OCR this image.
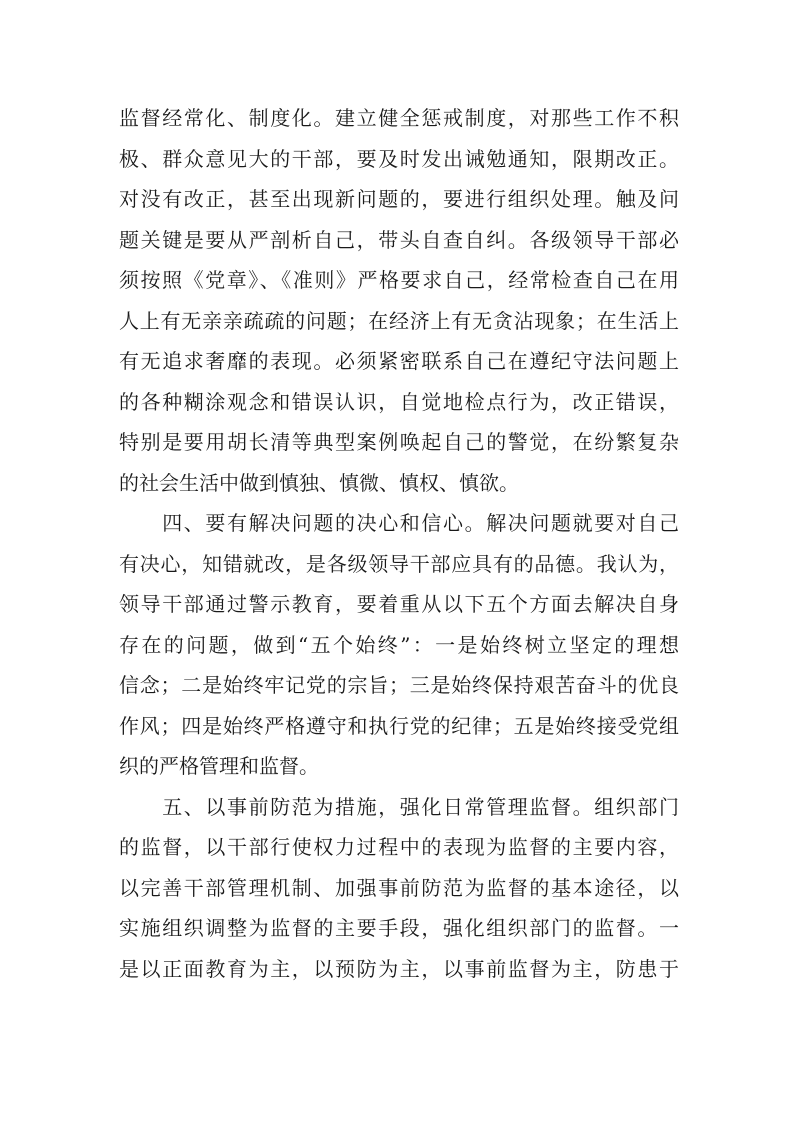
监督经常化、制度化。建立健全惩戒制度，对那些工作不积
极、群众意见大的干部，要及时发出诫勉通知，限期改正。
对没有改正，甚至出现新问题的，要进行组织处理。触及问
题关键是要从严剖析自己，带头自查自纠。各级领导干部必
须按照《党章》、《准则》严格要求自己，经常检查自己在用
人上有无亲亲疏疏的问题；在经济上有无贪沾现象；在生活上
有无追求奢靡的表现。必须紧密联系自己在遵纪守法问题上
的各种糊涂观念和错误认识，自觉地检点行为，改正错误，
特别是要用胡长清等典型案例唤起自己的警觉，在纷繁复杂
的社会生活中做到慎独、慎微、慎权、慎欲。
　　四、要有解决问题的决心和信心。解决问题就要对自己
有决心，知错就改，是各级领导干部应具有的品德。我认为，
领导干部通过警示教育，要着重从以下五个方面去解决自身
存在的问题，做到“五个始终”：一是始终树立坚定的理想
信念；二是始终牢记党的宗旨；三是始终保持艰苦奋斗的优良
作风；四是始终严格遵守和执行党的纪律；五是始终接受党组
织的严格管理和监督。
　　五、以事前防范为措施，强化日常管理监督。组织部门
的监督，以干部行使权力过程中的表现为监督的主要内容，
以完善干部管理机制、加强事前防范为监督的基本途径，以
实施组织调整为监督的主要手段，强化组织部门的监督。一
是以正面教育为主，以预防为主，以事前监督为主，防患于
